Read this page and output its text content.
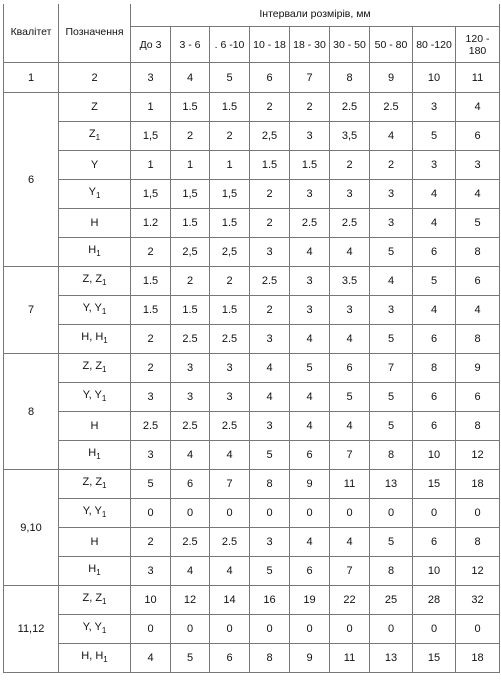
Квалітет	Позначення	Інтервали розмірів, мм								
		До 3	3 - 6	. 6 -10	10 - 18	18 - 30	30 - 50	50 - 80	80 -120	120 -
180
1	2	3	4	5	6	7	8	9	10	11
6	Z	1	1.5	1.5	2	2	2.5	2.5	3	4
	$Z_1$	1,5	2	2	2,5	3	3,5	4	5	6
	Y	1	1	1	1.5	1.5	2	2	3	3
	$Y_1$	1,5	1,5	1,5	2	3	3	3	4	4
	H	1.2	1.5	1.5	2	2.5	2.5	3	4	5
	$H_1$	2	2,5	2,5	3	4	4	5	6	8
7	Z, $Z_1$	1.5	2	2	2.5	3	3.5	4	5	6
	Y, $Y_1$	1.5	1.5	1.5	2	3	3	3	4	4
	H, $H_1$	2	2.5	2.5	3	4	4	5	6	8
8	Z, $Z_1$	2	3	3	4	5	6	7	8	9
	Y, $Y_1$	3	3	3	4	4	5	5	6	6
	H	2.5	2.5	2.5	3	4	4	5	6	8
	$H_1$	3	4	4	5	6	7	8	10	12
9,10	Z, $Z_1$	5	6	7	8	9	11	13	15	18
	Y, $Y_1$	0	0	0	0	0	0	0	0	0
	H	2	2.5	2.5	3	4	4	5	6	8
	$H_1$	3	4	4	5	6	7	8	10	12
11,12	Z, $Z_1$	10	12	14	16	19	22	25	28	32
	Y, $Y_1$	0	0	0	0	0	0	0	0	0
	H, $H_1$	4	5	6	8	9	11	13	15	18
